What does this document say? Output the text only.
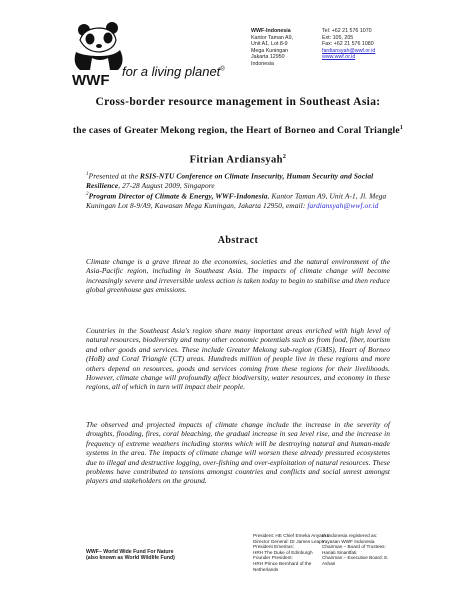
WWF
for a living planet®
WWF-Indonesia
Kantor Taman A9,
Unit A1, Lot 8-9
Mega Kuningan
Jakarta 12950
Indonesia
Tel: +62 21 576 1070
Ext: 105, 205
Fax: +62 21 576 1080
fardiansyah@wwf.or.id
www.wwf.or.id
Cross-border resource management in Southeast Asia:
the cases of Greater Mekong region, the Heart of Borneo and Coral Triangle$^1$
Fitrian Ardiansyah$^2$
$^1$Presented at the RSIS-NTU Conference on Climate Insecurity, Human Security and Social Resilience, 27-28 August 2009, Singapore
$^2$Program Director of Climate & Energy, WWF-Indonesia, Kantor Taman A9, Unit A-1, Jl. Mega Kuningan Lot 8-9/A9, Kawasan Mega Kuningan, Jakarta 12950, email: fardiansyah@wwf.or.id
Abstract
Climate change is a grave threat to the economies, societies and the natural environment of the Asia-Pacific region, including in Southeast Asia. The impacts of climate change will become increasingly severe and irreversible unless action is taken today to begin to stabilise and then reduce global greenhouse gas emissions.
Countries in the Southeast Asia's region share many important areas enriched with high level of natural resources, biodiversity and many other economic potentials such as from food, fiber, tourism and other goods and services. These include Greater Mekong sub-region (GMS), Heart of Borneo (HoB) and Coral Triangle (CT) areas. Hundreds million of people live in these regions and more others depend on resources, goods and services coming from these regions for their livelihoods. However, climate change will profoundly affect biodiversity, water resources, and economy in these regions, all of which in turn will impact their people.
The observed and projected impacts of climate change include the increase in the severity of droughts, flooding, fires, coral bleaching, the gradual increase in sea level rise, and the increase in frequency of extreme weathers including storms which will be destroying natural and human-made systems in the area. The impacts of climate change will worsen these already pressured ecosystems due to illegal and destructive logging, over-fishing and over-exploitation of natural resources. These problems have contributed to tensions amongst countries and conflicts and social unrest amongst players and stakeholders on the ground.
WWF– World Wide Fund For Nature
(also known as World Wildlife Fund)
President: HE Chief Emeka Anyaoku
Director General: Dr James Leape
President Emeritus:
HRH The Duke of Edinburgh
Founder President:
HRH Prince Bernhard of the
Netherlands
In Indonesia registered as:
Yayasan WWF Indonesia
Chairman – Board of Trustees:
Hariati Sinaritfati
Chairman – Executive Board: E.
Ashari
